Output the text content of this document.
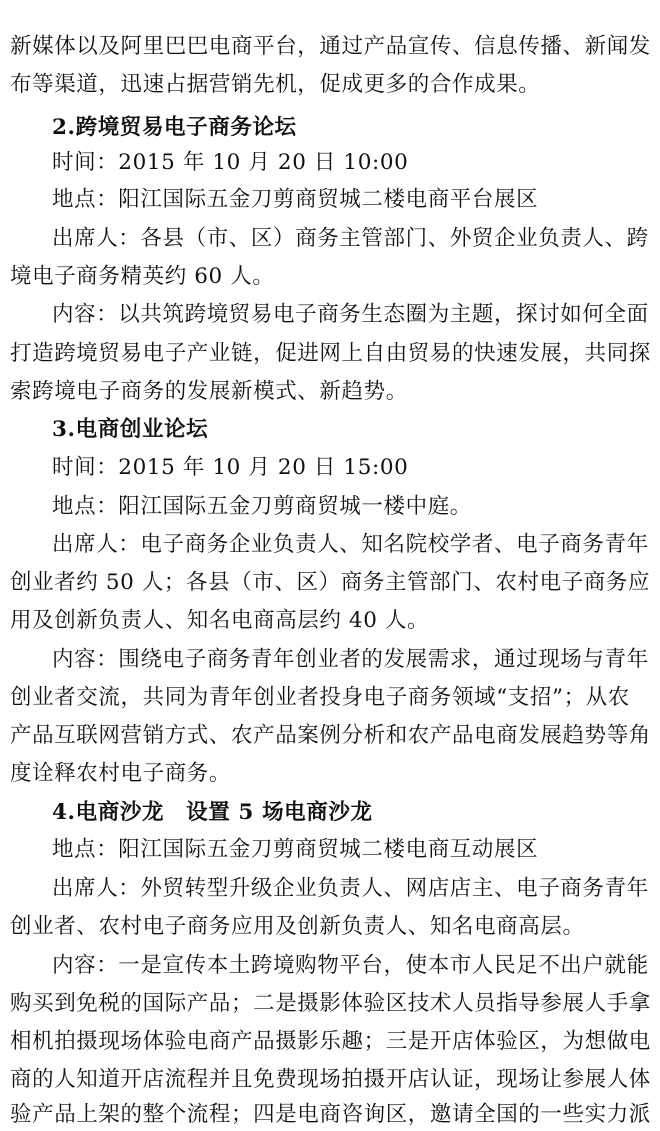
新媒体以及阿里巴巴电商平台，通过产品宣传、信息传播、新闻发
布等渠道，迅速占据营销先机，促成更多的合作成果。
2.跨境贸易电子商务论坛
时间：2015 年 10 月 20 日 10:00
地点：阳江国际五金刀剪商贸城二楼电商平台展区
出席人：各县（市、区）商务主管部门、外贸企业负责人、跨
境电子商务精英约 60 人。
内容：以共筑跨境贸易电子商务生态圈为主题，探讨如何全面
打造跨境贸易电子产业链，促进网上自由贸易的快速发展，共同探
索跨境电子商务的发展新模式、新趋势。
3.电商创业论坛
时间：2015 年 10 月 20 日 15:00
地点：阳江国际五金刀剪商贸城一楼中庭。
出席人：电子商务企业负责人、知名院校学者、电子商务青年
创业者约 50 人；各县（市、区）商务主管部门、农村电子商务应
用及创新负责人、知名电商高层约 40 人。
内容：围绕电子商务青年创业者的发展需求，通过现场与青年
创业者交流，共同为青年创业者投身电子商务领域“支招”；从农
产品互联网营销方式、农产品案例分析和农产品电商发展趋势等角
度诠释农村电子商务。
4.电商沙龙　设置 5 场电商沙龙
地点：阳江国际五金刀剪商贸城二楼电商互动展区
出席人：外贸转型升级企业负责人、网店店主、电子商务青年
创业者、农村电子商务应用及创新负责人、知名电商高层。
内容：一是宣传本土跨境购物平台，使本市人民足不出户就能
购买到免税的国际产品；二是摄影体验区技术人员指导参展人手拿
相机拍摄现场体验电商产品摄影乐趣；三是开店体验区，为想做电
商的人知道开店流程并且免费现场拍摄开店认证，现场让参展人体
验产品上架的整个流程；四是电商咨询区，邀请全国的一些实力派
